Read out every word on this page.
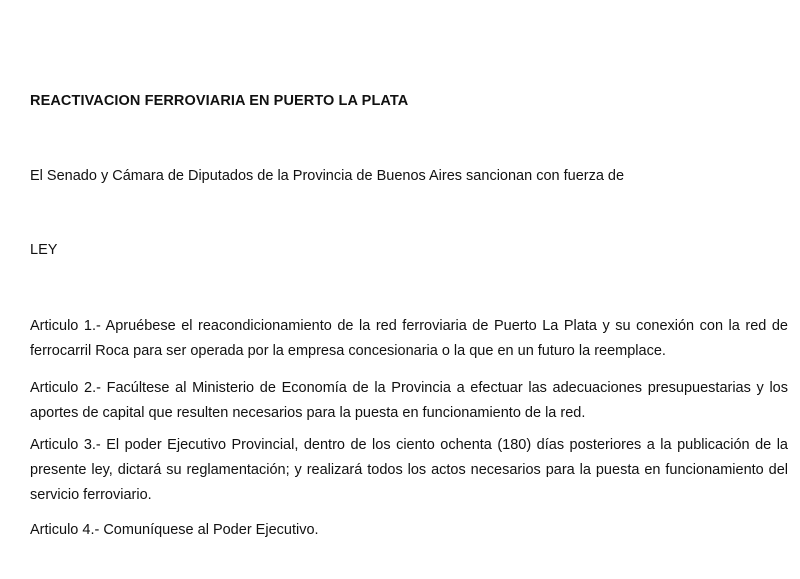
REACTIVACION FERROVIARIA EN PUERTO LA PLATA
El Senado y Cámara de Diputados de la Provincia de Buenos Aires sancionan con fuerza de
LEY
Articulo 1.- Apruébese el reacondicionamiento de la red ferroviaria de Puerto La Plata y su conexión con la red de ferrocarril Roca para ser operada por la empresa concesionaria o la que en un futuro la reemplace.
Articulo 2.- Facúltese al Ministerio de Economía de la Provincia a efectuar las adecuaciones presupuestarias y los aportes de capital que resulten necesarios para la puesta en funcionamiento de la red.
Articulo 3.- El poder Ejecutivo Provincial, dentro de los ciento ochenta (180) días posteriores a la publicación de la presente ley, dictará su reglamentación; y realizará todos los actos necesarios para la puesta en funcionamiento del servicio ferroviario.
Articulo 4.- Comuníquese al Poder Ejecutivo.
